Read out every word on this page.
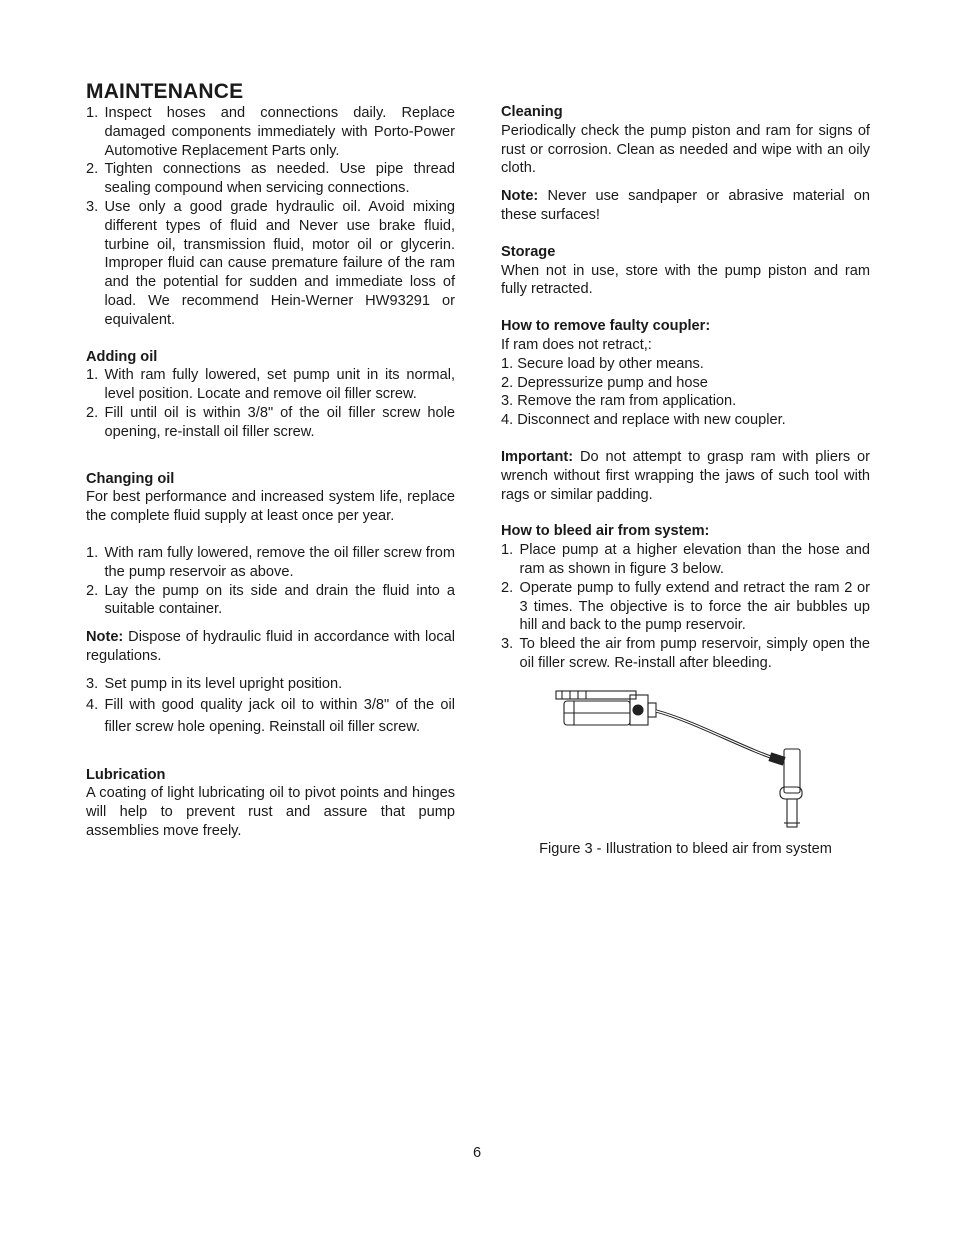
MAINTENANCE
1. Inspect hoses and connections daily. Replace damaged components immediately with Porto-Power Automotive Replacement Parts only.
2. Tighten connections as needed. Use pipe thread sealing compound when servicing connections.
3. Use only a good grade hydraulic oil. Avoid mixing different types of fluid and Never use brake fluid, turbine oil, transmission fluid, motor oil or glycerin. Improper fluid can cause premature failure of the ram and the potential for sudden and immediate loss of load. We recommend Hein-Werner HW93291 or equivalent.
Adding oil
1. With ram fully lowered, set pump unit in its normal, level position. Locate and remove oil filler screw.
2. Fill until oil is within 3/8" of the oil filler screw hole opening, re-install oil filler screw.
Changing oil

For best performance and increased system life, replace the complete fluid supply at least once per year.

1. With ram fully lowered, remove the oil filler screw from the pump reservoir as above.
2. Lay the pump on its side and drain the fluid into a suitable container.

Note: Dispose of hydraulic fluid in accordance with local regulations.

3. Set pump in its level upright position.
4. Fill with good quality jack oil to within 3/8" of the oil filler screw hole opening. Reinstall oil filler screw.
Lubrication

A coating of light lubricating oil to pivot points and hinges will help to prevent rust and assure that pump assemblies move freely.

Cleaning

Periodically check the pump piston and ram for signs of rust or corrosion. Clean as needed and wipe with an oily cloth.

Note: Never use sandpaper or abrasive material on these surfaces!

Storage

When not in use, store with the pump piston and ram fully retracted.

How to remove faulty coupler:

If ram does not retract,:

1. Secure load by other means.
2. Depressurize pump and hose
3. Remove the ram from application.
4. Disconnect and replace with new coupler.

Important: Do not attempt to grasp ram with pliers or wrench without first wrapping the jaws of such tool with rags or similar padding.

How to bleed air from system:
1. Place pump at a higher elevation than the hose and ram as shown in figure 3 below.
2. Operate pump to fully extend and retract the ram 2 or 3 times. The objective is to force the air bubbles up hill and back to the pump reservoir.
3. To bleed the air from pump reservoir, simply open the oil filler screw. Re-install after bleeding.
Figure 3 - Illustration to bleed air from system
6
